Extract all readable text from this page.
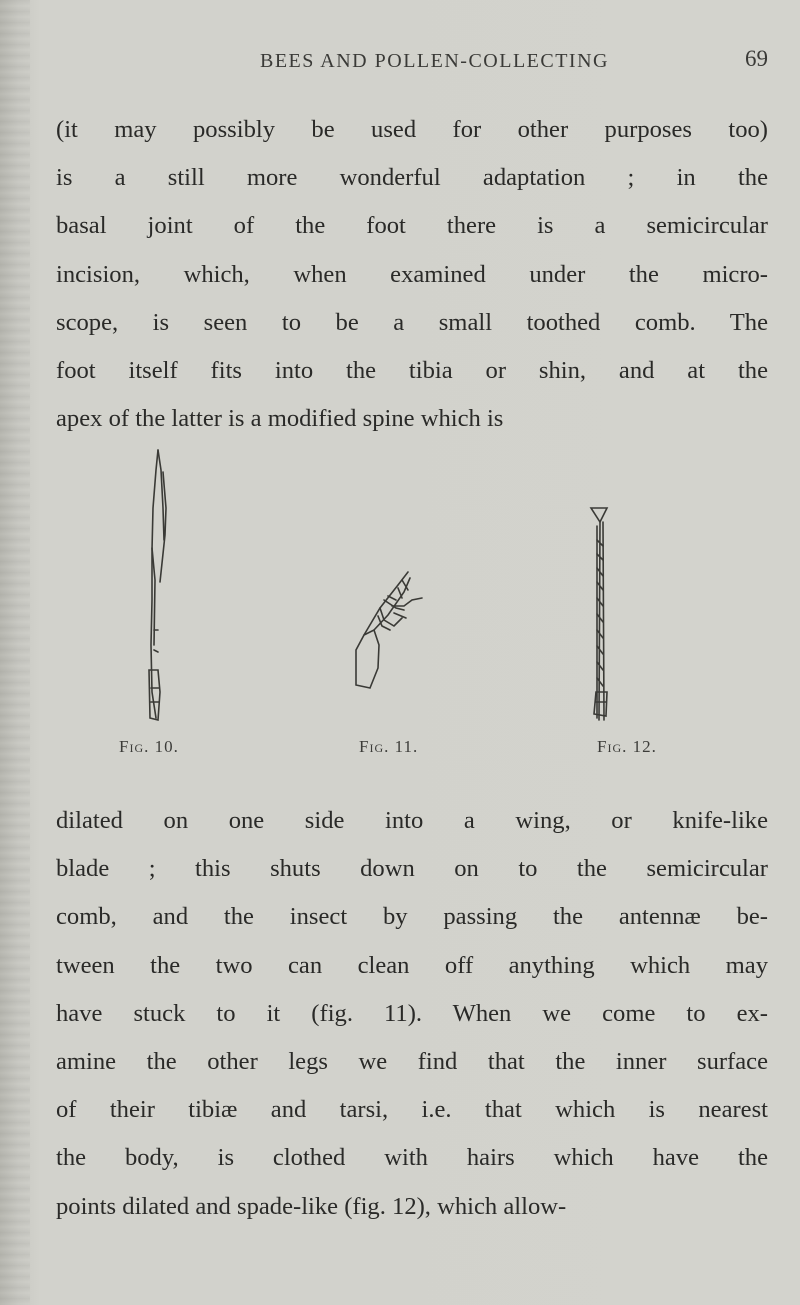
BEES AND POLLEN-COLLECTING	69

(it may possibly be used for other purposes too)
is a still more wonderful adaptation ; in the
basal joint of the foot there is a semicircular
incision, which, when examined under the micro-
scope, is seen to be a small toothed comb. The
foot itself fits into the tibia or shin, and at the
apex of the latter is a modified spine which is

Fig. 10.	Fig. 11.	Fig. 12.

dilated on one side into a wing, or knife-like
blade ; this shuts down on to the semicircular
comb, and the insect by passing the antennæ be-
tween the two can clean off anything which may
have stuck to it (fig. 11). When we come to ex-
amine the other legs we find that the inner surface
of their tibiæ and tarsi, i.e. that which is nearest
the body, is clothed with hairs which have the
points dilated and spade-like (fig. 12), which allow-
